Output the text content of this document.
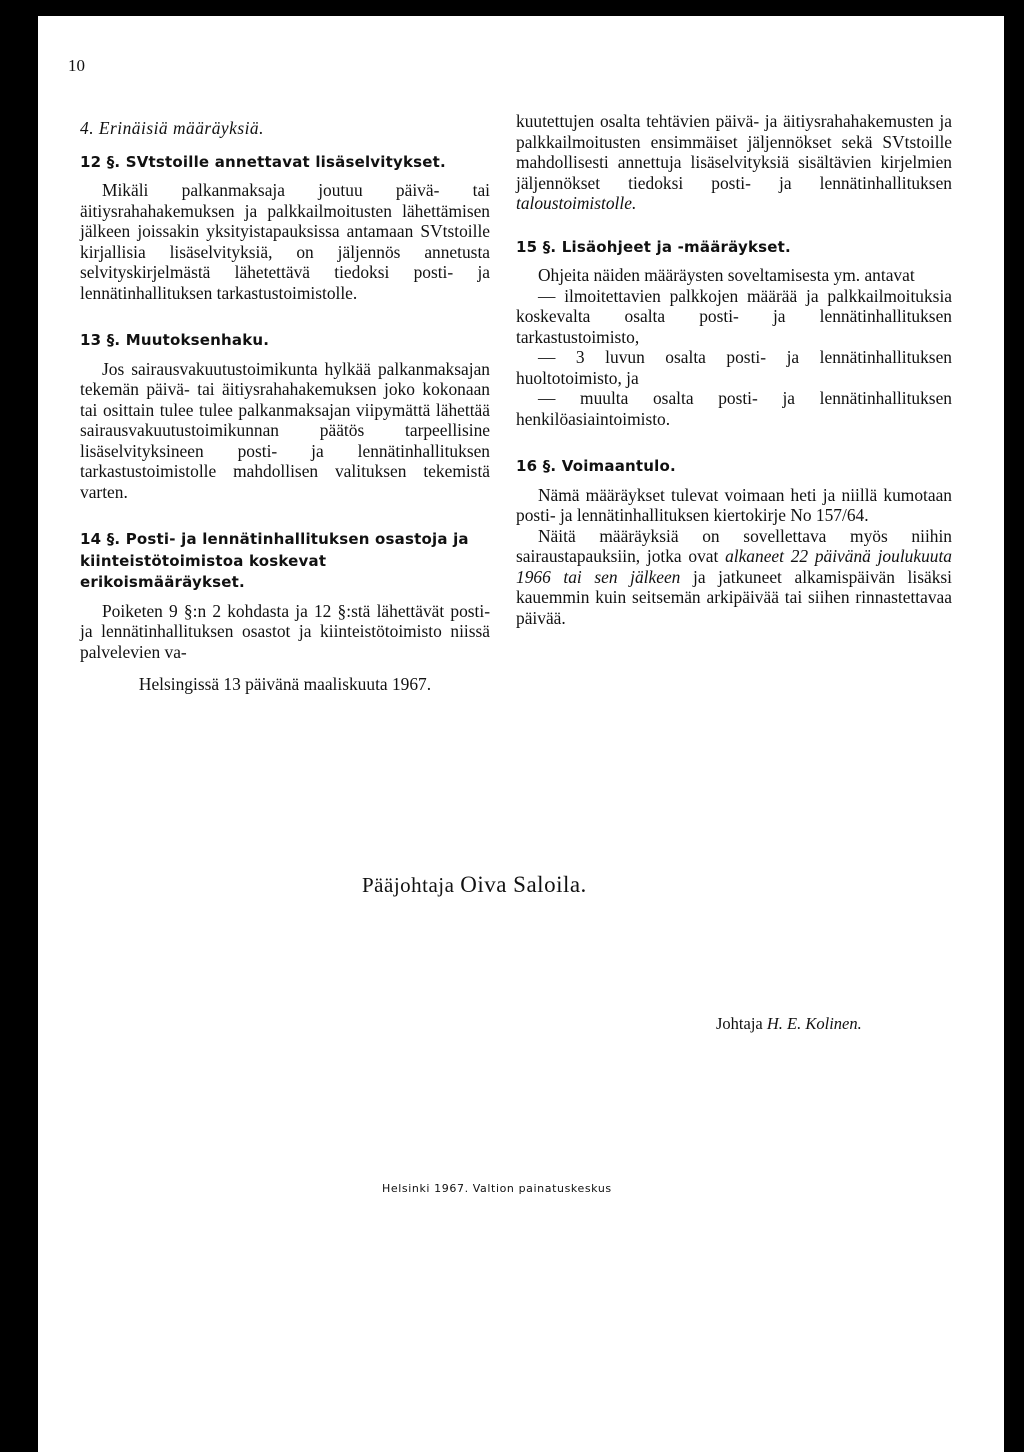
10

4. Erinäisiä määräyksiä.

12 §. SVtstoille annettavat lisäselvitykset.

Mikäli palkanmaksaja joutuu päivä- tai äitiysrahahakemuksen ja palkkailmoitusten lähettämisen jälkeen joissakin yksityistapauksissa antamaan SVtstoille kirjallisia lisäselvityksiä, on jäljennös annetusta selvityskirjelmästä lähetettävä tiedoksi posti- ja lennätinhallituksen tarkastustoimistolle.

13 §. Muutoksenhaku.

Jos sairausvakuutustoimikunta hylkää palkanmaksajan tekemän päivä- tai äitiysrahahakemuksen joko kokonaan tai osittain tulee tulee palkanmaksajan viipymättä lähettää sairausvakuutustoimikunnan päätös tarpeellisine lisäselvityksineen posti- ja lennätinhallituksen tarkastustoimistolle mahdollisen valituksen tekemistä varten.

14 §. Posti- ja lennätinhallituksen osastoja ja kiinteistötoimistoa koskevat erikoismääräykset.

Poiketen 9 §:n 2 kohdasta ja 12 §:stä lähettävät posti- ja lennätinhallituksen osastot ja kiinteistötoimisto niissä palvelevien va-

Helsingissä 13 päivänä maaliskuuta 1967.

kuutettujen osalta tehtävien päivä- ja äitiysrahahakemusten ja palkkailmoitusten ensimmäiset jäljennökset sekä SVtstoille mahdollisesti annettuja lisäselvityksiä sisältävien kirjelmien jäljennökset tiedoksi posti- ja lennätinhallituksen taloustoimistolle.

15 §. Lisäohjeet ja -määräykset.

Ohjeita näiden määräysten soveltamisesta ym. antavat

— ilmoitettavien palkkojen määrää ja palkkailmoituksia koskevalta osalta posti- ja lennätinhallituksen tarkastustoimisto,

— 3 luvun osalta posti- ja lennätinhallituksen huoltotoimisto, ja

— muulta osalta posti- ja lennätinhallituksen henkilöasiaintoimisto.

16 §. Voimaantulo.

Nämä määräykset tulevat voimaan heti ja niillä kumotaan posti- ja lennätinhallituksen kiertokirje No 157/64.

Näitä määräyksiä on sovellettava myös niihin sairaustapauksiin, jotka ovat alkaneet 22 päivänä joulukuuta 1966 tai sen jälkeen ja jatkuneet alkamispäivän lisäksi kauemmin kuin seitsemän arkipäivää tai siihen rinnastettavaa päivää.

Pääjohtaja Oiva Saloila.
Johtaja H. E. Kolinen.
Helsinki 1967. Valtion painatuskeskus
